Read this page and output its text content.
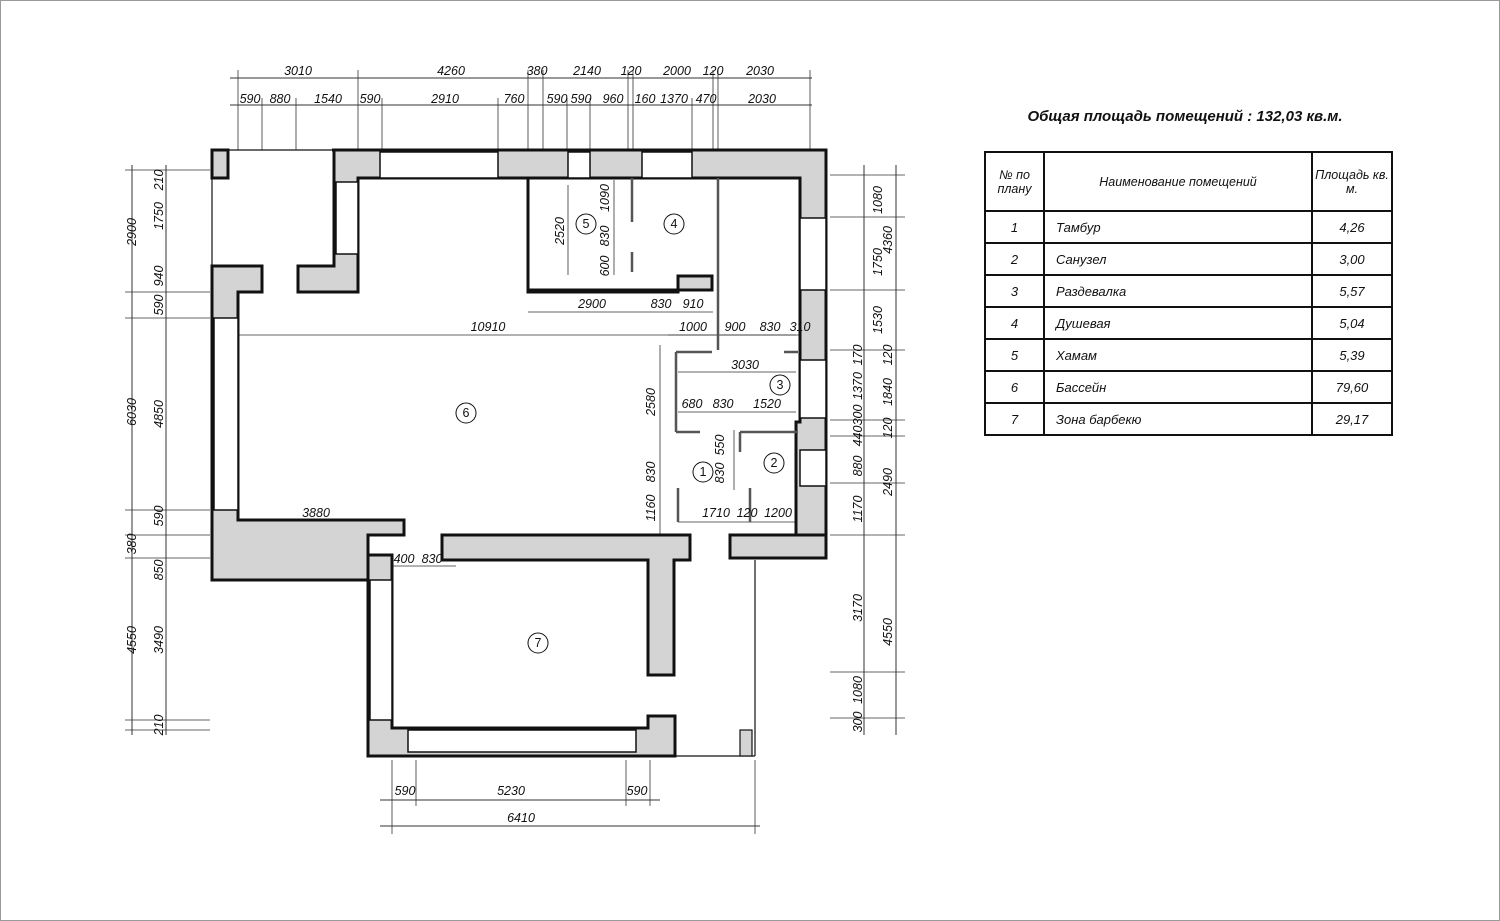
5	4
3
2
1
6
7
3010	4260	380 2140 120 2000 120 2030
590 880 1540 590	2910	760 590 590 960 160 1370 470	2030
2900
6030
380
4550
210
1750
940
590
4850
590
850
3490
210
1080
1750
1530
170
1370
300
440
880
1170
3170
1080
300
4360
120
1840
120
2490
4550
590	5230	590
6410
10910
2900	830 910
1000 900 830 310
3030
2580 680 830 1520
550
830
830
1160	1710 120 1200
3880
400 830
2520
1090
830
600
Общая площадь помещений : 132,03 кв.м.
№ по плану	Наименование помещений	Площадь кв. м.
1	Тамбур	4,26
2	Санузел	3,00
3	Раздевалка	5,57
4	Душевая	5,04
5	Хамам	5,39
6	Бассейн	79,60
7	Зона барбекю	29,17
